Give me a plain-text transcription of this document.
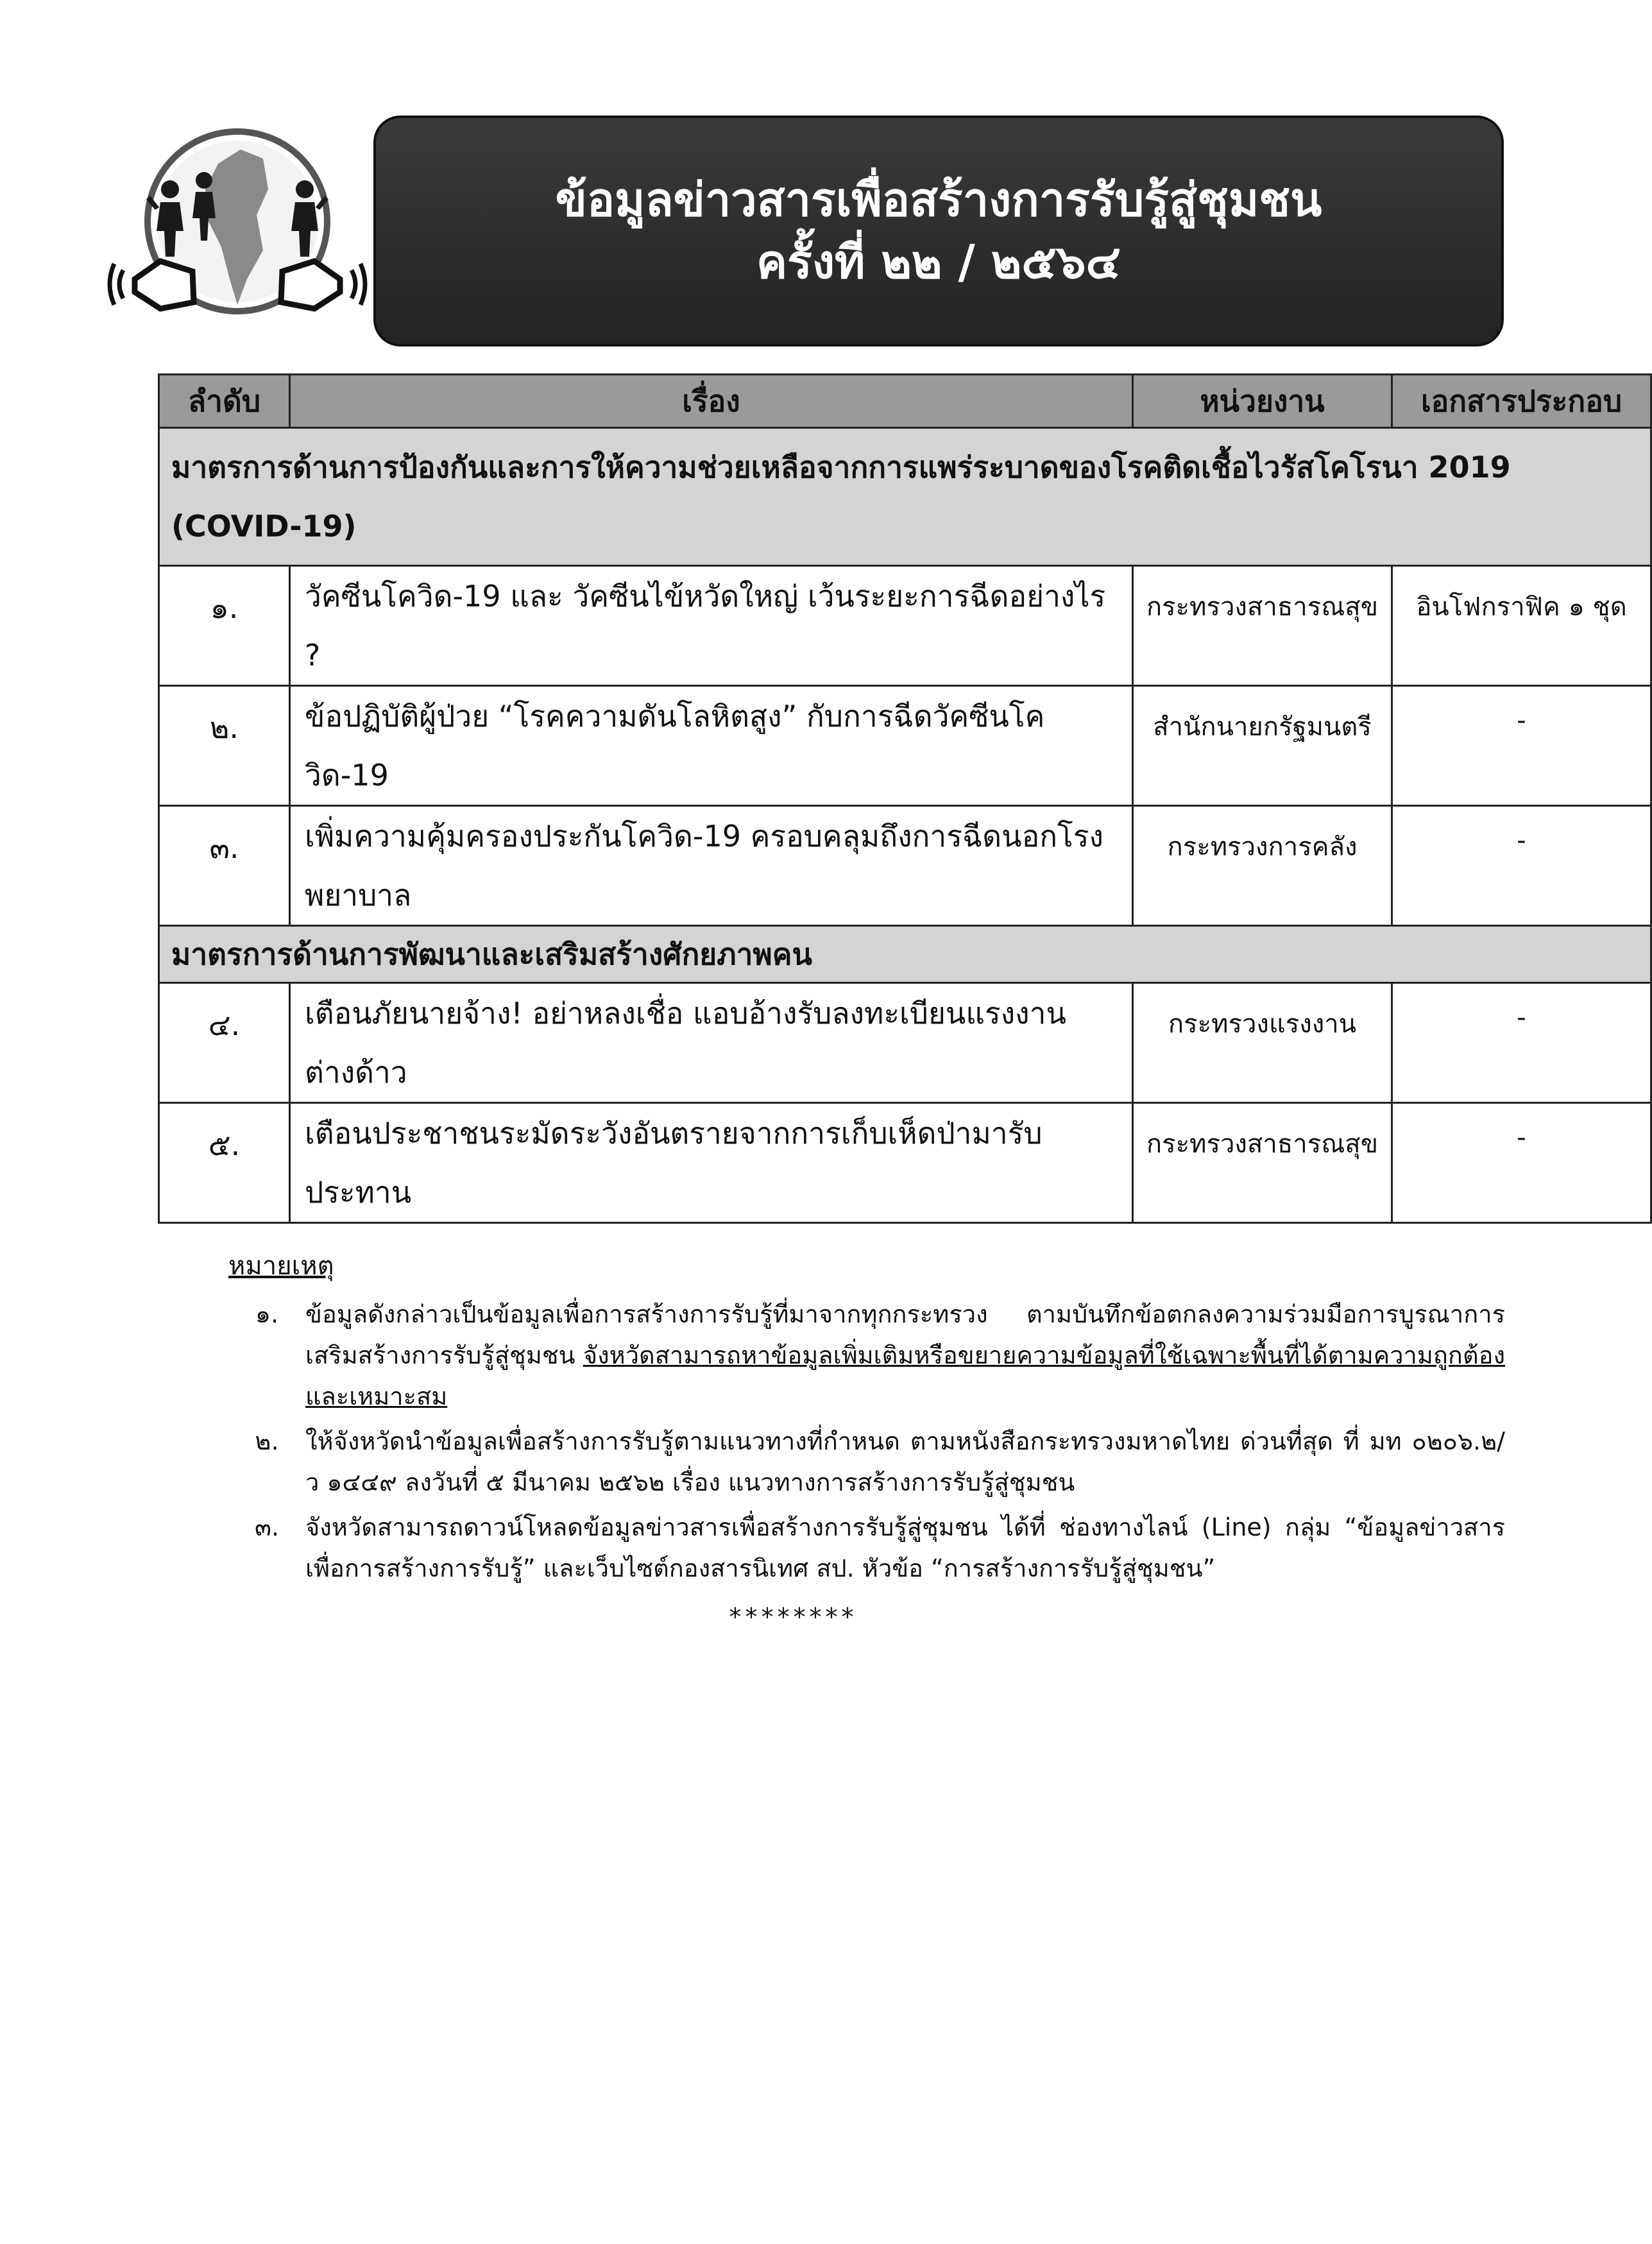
ข้อมูลข่าวสารเพื่อสร้างการรับรู้สู่ชุมชน
ครั้งที่ ๒๒ / ๒๕๖๔
ลำดับ	เรื่อง	หน่วยงาน	เอกสารประกอบ
มาตรการด้านการป้องกันและการให้ความช่วยเหลือจากการแพร่ระบาดของโรคติดเชื้อไวรัสโคโรนา 2019 (COVID-19)			
๑.	วัคซีนโควิด-19 และ วัคซีนไข้หวัดใหญ่ เว้นระยะการฉีดอย่างไร ?	กระทรวงสาธารณสุข	อินโฟกราฟิค ๑ ชุด
๒.	ข้อปฏิบัติผู้ป่วย “โรคความดันโลหิตสูง” กับการฉีดวัคซีนโควิด-19	สำนักนายกรัฐมนตรี	-
๓.	เพิ่มความคุ้มครองประกันโควิด-19 ครอบคลุมถึงการฉีดนอกโรงพยาบาล	กระทรวงการคลัง	-
มาตรการด้านการพัฒนาและเสริมสร้างศักยภาพคน			
๔.	เตือนภัยนายจ้าง! อย่าหลงเชื่อ แอบอ้างรับลงทะเบียนแรงงานต่างด้าว	กระทรวงแรงงาน	-
๕.	เตือนประชาชนระมัดระวังอันตรายจากการเก็บเห็ดป่ามารับประทาน	กระทรวงสาธารณสุข	-
หมายเหตุ
๑.	ข้อมูลดังกล่าวเป็นข้อมูลเพื่อการสร้างการรับรู้ที่มาจากทุกกระทรวง ตามบันทึกข้อตกลงความร่วมมือการบูรณาการเสริมสร้างการรับรู้สู่ชุมชน จังหวัดสามารถหาข้อมูลเพิ่มเติมหรือขยายความข้อมูลที่ใช้เฉพาะพื้นที่ได้ตามความถูกต้องและเหมาะสม
๒.	ให้จังหวัดนำข้อมูลเพื่อสร้างการรับรู้ตามแนวทางที่กำหนด ตามหนังสือกระทรวงมหาดไทย ด่วนที่สุด ที่ มท ๐๒๐๖.๒/ว ๑๔๔๙ ลงวันที่ ๕ มีนาคม ๒๕๖๒ เรื่อง แนวทางการสร้างการรับรู้สู่ชุมชน
๓.	จังหวัดสามารถดาวน์โหลดข้อมูลข่าวสารเพื่อสร้างการรับรู้สู่ชุมชน ได้ที่ ช่องทางไลน์ (Line) กลุ่ม “ข้อมูลข่าวสารเพื่อการสร้างการรับรู้” และเว็บไซต์กองสารนิเทศ สป. หัวข้อ “การสร้างการรับรู้สู่ชุมชน”
********
